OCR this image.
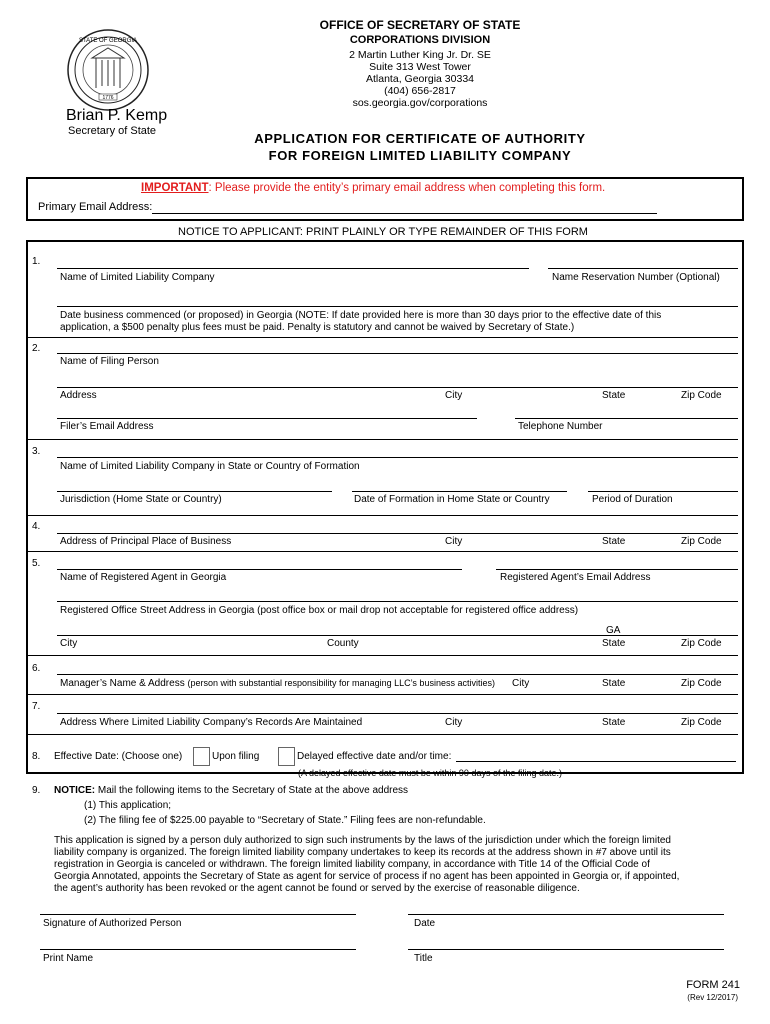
1776
STATE OF GEORGIA
OFFICE OF SECRETARY OF STATE
CORPORATIONS DIVISION
2 Martin Luther King Jr. Dr. SE
Suite 313 West Tower
Atlanta, Georgia 30334
(404) 656-2817
sos.georgia.gov/corporations
Brian P. Kemp
Secretary of State	APPLICATION FOR CERTIFICATE OF AUTHORITY
FOR FOREIGN LIMITED LIABILITY COMPANY
IMPORTANT: Please provide the entity’s primary email address when completing this form.
Primary Email Address:
NOTICE TO APPLICANT: PRINT PLAINLY OR TYPE REMAINDER OF THIS FORM
1.
Name of Limited Liability Company	Name Reservation Number (Optional)
Date business commenced (or proposed) in Georgia (NOTE: If date provided here is more than 30 days prior to the effective date of this
application, a $500 penalty plus fees must be paid. Penalty is statutory and cannot be waived by Secretary of State.)
2.
Name of Filing Person
Address	City	State	Zip Code
Filer’s Email Address	Telephone Number
3.
Name of Limited Liability Company in State or Country of Formation
Jurisdiction (Home State or Country)	Date of Formation in Home State or Country	Period of Duration
4.
Address of Principal Place of Business	City	State	Zip Code
5.
Name of Registered Agent in Georgia	Registered Agent’s Email Address
Registered Office Street Address in Georgia (post office box or mail drop not acceptable for registered office address)
GA
City	County	State	Zip Code
6.
Manager’s Name & Address (person with substantial responsibility for managing LLC’s business activities) City	State	Zip Code
7.
Address Where Limited Liability Company’s Records Are Maintained	City	State	Zip Code
8. Effective Date: (Choose one)	Upon filing	Delayed effective date and/or time:
(A delayed effective date must be within 90 days of the filing date.)
9. NOTICE: Mail the following items to the Secretary of State at the above address
(1) This application;
(2) The filing fee of $225.00 payable to “Secretary of State.” Filing fees are non-refundable.
This application is signed by a person duly authorized to sign such instruments by the laws of the jurisdiction under which the foreign limited
liability company is organized. The foreign limited liability company undertakes to keep its records at the address shown in #7 above until its
registration in Georgia is canceled or withdrawn. The foreign limited liability company, in accordance with Title 14 of the Official Code of
Georgia Annotated, appoints the Secretary of State as agent for service of process if no agent has been appointed in Georgia or, if appointed,
the agent’s authority has been revoked or the agent cannot be found or served by the exercise of reasonable diligence.
Signature of Authorized Person	Date
Print Name	Title
FORM 241
(Rev 12/2017)
